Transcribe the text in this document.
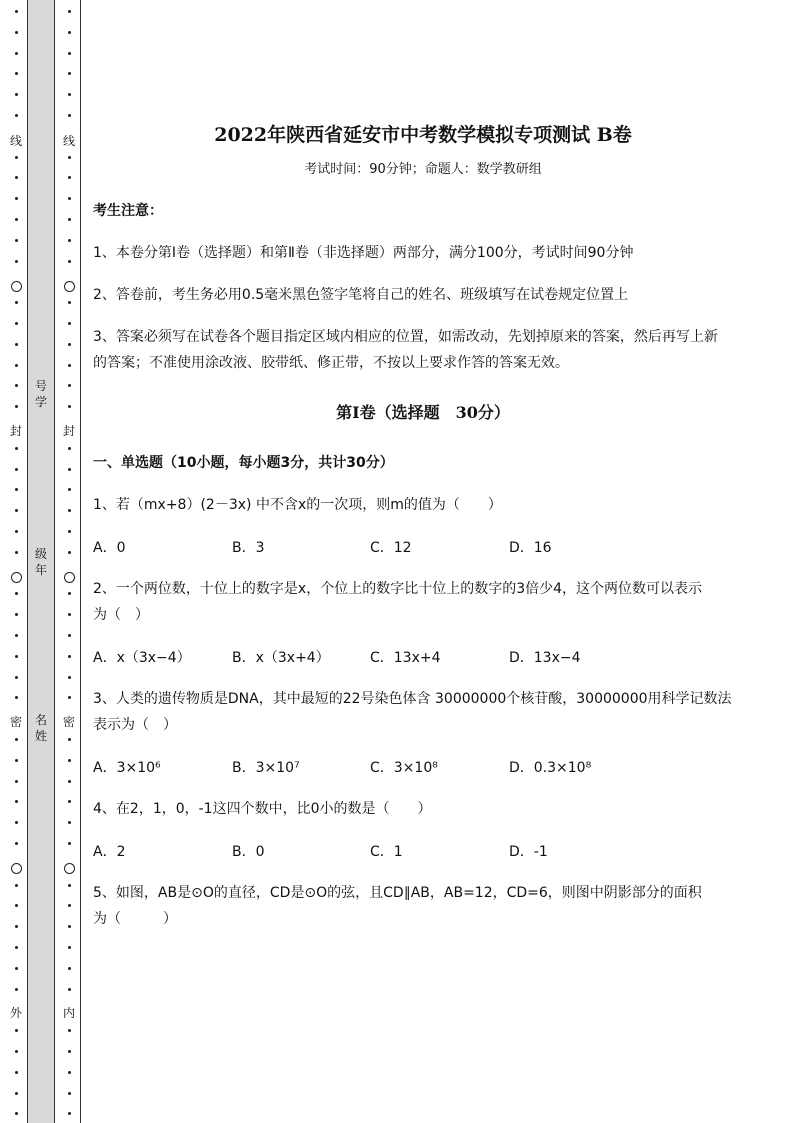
线
封
密
外
号学
级年
名姓
线
封
密
内
2022年陕西省延安市中考数学模拟专项测试 B卷
考试时间：90分钟；命题人：数学教研组
考生注意：
1、本卷分第I卷（选择题）和第Ⅱ卷（非选择题）两部分，满分100分，考试时间90分钟
2、答卷前，考生务必用0.5毫米黑色签字笔将自己的姓名、班级填写在试卷规定位置上
3、答案必须写在试卷各个题目指定区域内相应的位置，如需改动，先划掉原来的答案，然后再写上新
的答案；不准使用涂改液、胶带纸、修正带，不按以上要求作答的答案无效。
第I卷（选择题　30分）
一、单选题（10小题，每小题3分，共计30分）
1、若（mx+8）(2－3x) 中不含x的一次项，则m的值为（　　）
A．0	B．3	C．12	D．16
2、一个两位数，十位上的数字是x，个位上的数字比十位上的数字的3倍少4，这个两位数可以表示
为（　）
A．x（3x−4）	B．x（3x+4）	C．13x+4	D．13x−4
3、人类的遗传物质是DNA，其中最短的22号染色体含 30000000个核苷酸，30000000用科学记数法
表示为（　）
A．3×10⁶	B．3×10⁷	C．3×10⁸	D．0.3×10⁸
4、在2，1，0，-1这四个数中，比0小的数是（　　）
A．2	B．0	C．1	D．-1
5、如图，AB是⊙O的直径，CD是⊙O的弦，且CD∥AB，AB=12，CD=6，则图中阴影部分的面积
为（　　　）
